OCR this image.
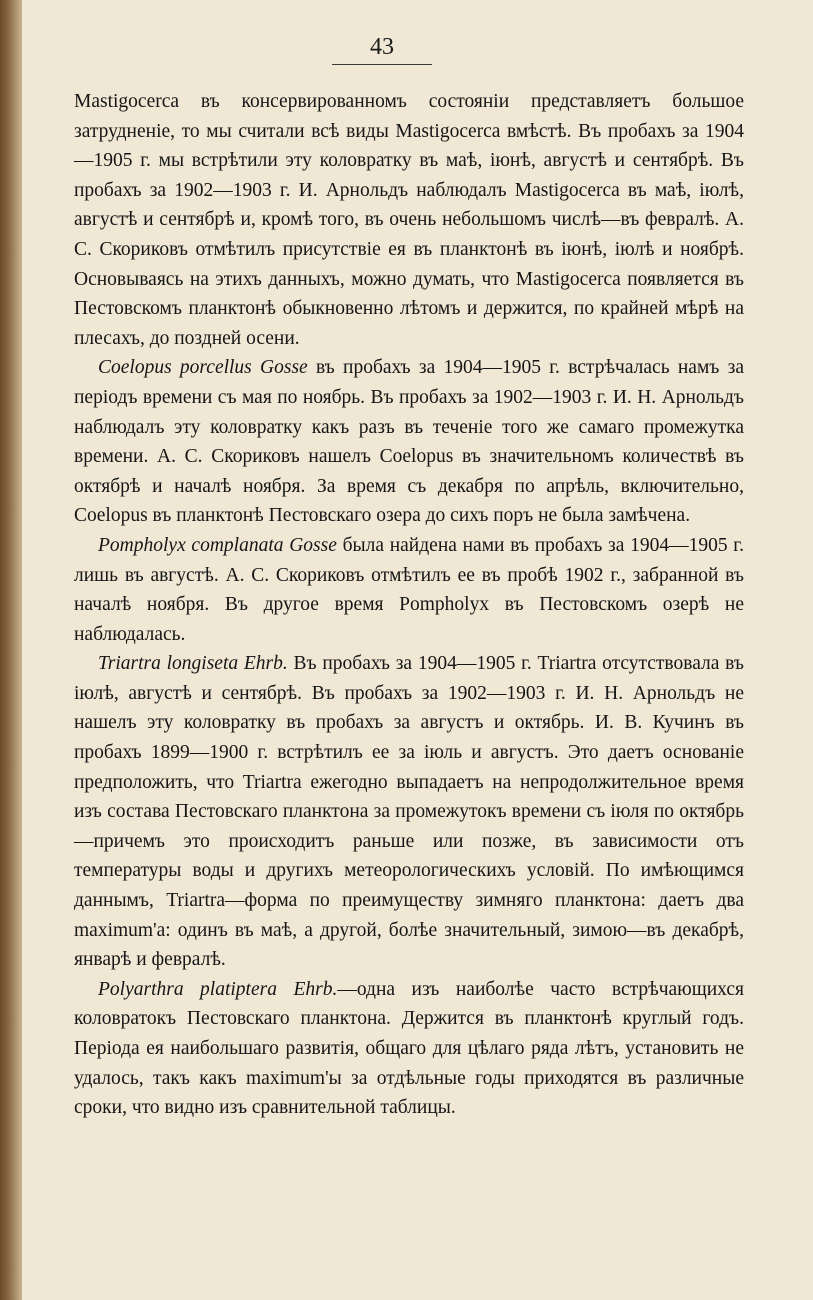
43

Mastigocerca въ консервированномъ состоянiи представляетъ большое затрудненiе, то мы считали всѣ виды Mastigocerca вмѣстѣ. Въ пробахъ за 1904—1905 г. мы встрѣтили эту коловратку въ маѣ, iюнѣ, августѣ и сентябрѣ. Въ пробахъ за 1902—1903 г. И. Арнольдъ наблюдалъ Mastigocerca въ маѣ, iюлѣ, августѣ и сентябрѣ и, кромѣ того, въ очень небольшомъ числѣ—въ февралѣ. А. С. Скориковъ отмѣтилъ присутствiе ея въ планктонѣ въ iюнѣ, iюлѣ и ноябрѣ. Основываясь на этихъ данныхъ, можно думать, что Mastigocerca появляется въ Пестовскомъ планктонѣ обыкновенно лѣтомъ и держится, по крайней мѣрѣ на плесахъ, до поздней осени.

Coelopus porcellus Gosse въ пробахъ за 1904—1905 г. встрѣчалась намъ за перiодъ времени съ мая по ноябрь. Въ пробахъ за 1902—1903 г. И. Н. Арнольдъ наблюдалъ эту коловратку какъ разъ въ теченiе того же самаго промежутка времени. А. С. Скориковъ нашелъ Coelopus въ значительномъ количествѣ въ октябрѣ и началѣ ноября. За время съ декабря по апрѣль, включительно, Coelopus въ планктонѣ Пестовскаго озера до сихъ поръ не была замѣчена.

Pompholyx complanata Gosse была найдена нами въ пробахъ за 1904—1905 г. лишь въ августѣ. А. С. Скориковъ отмѣтилъ ее въ пробѣ 1902 г., забранной въ началѣ ноября. Въ другое время Pompholyx въ Пестовскомъ озерѣ не наблюдалась.

Triartra longiseta Ehrb. Въ пробахъ за 1904—1905 г. Triartra отсутствовала въ iюлѣ, августѣ и сентябрѣ. Въ пробахъ за 1902—1903 г. И. Н. Арнольдъ не нашелъ эту коловратку въ пробахъ за августъ и октябрь. И. В. Кучинъ въ пробахъ 1899—1900 г. встрѣтилъ ее за iюль и августъ. Это даетъ основанiе предположить, что Triartra ежегодно выпадаетъ на непродолжительное время изъ состава Пестовскаго планктона за промежутокъ времени съ iюля по октябрь—причемъ это происходитъ раньше или позже, въ зависимости отъ температуры воды и другихъ метеорологическихъ условiй. По имѣющимся даннымъ, Triartra—форма по преимуществу зимняго планктона: даетъ два maximum'a: одинъ въ маѣ, а другой, болѣе значительный, зимою—въ декабрѣ, январѣ и февралѣ.

Polyarthra platiptera Ehrb.—одна изъ наиболѣе часто встрѣчающихся коловратокъ Пестовскаго планктона. Держится въ планктонѣ круглый годъ. Перiода ея наибольшаго развитiя, общаго для цѣлаго ряда лѣтъ, установить не удалось, такъ какъ maximum'ы за отдѣльные годы приходятся въ различные сроки, что видно изъ сравнительной таблицы.
